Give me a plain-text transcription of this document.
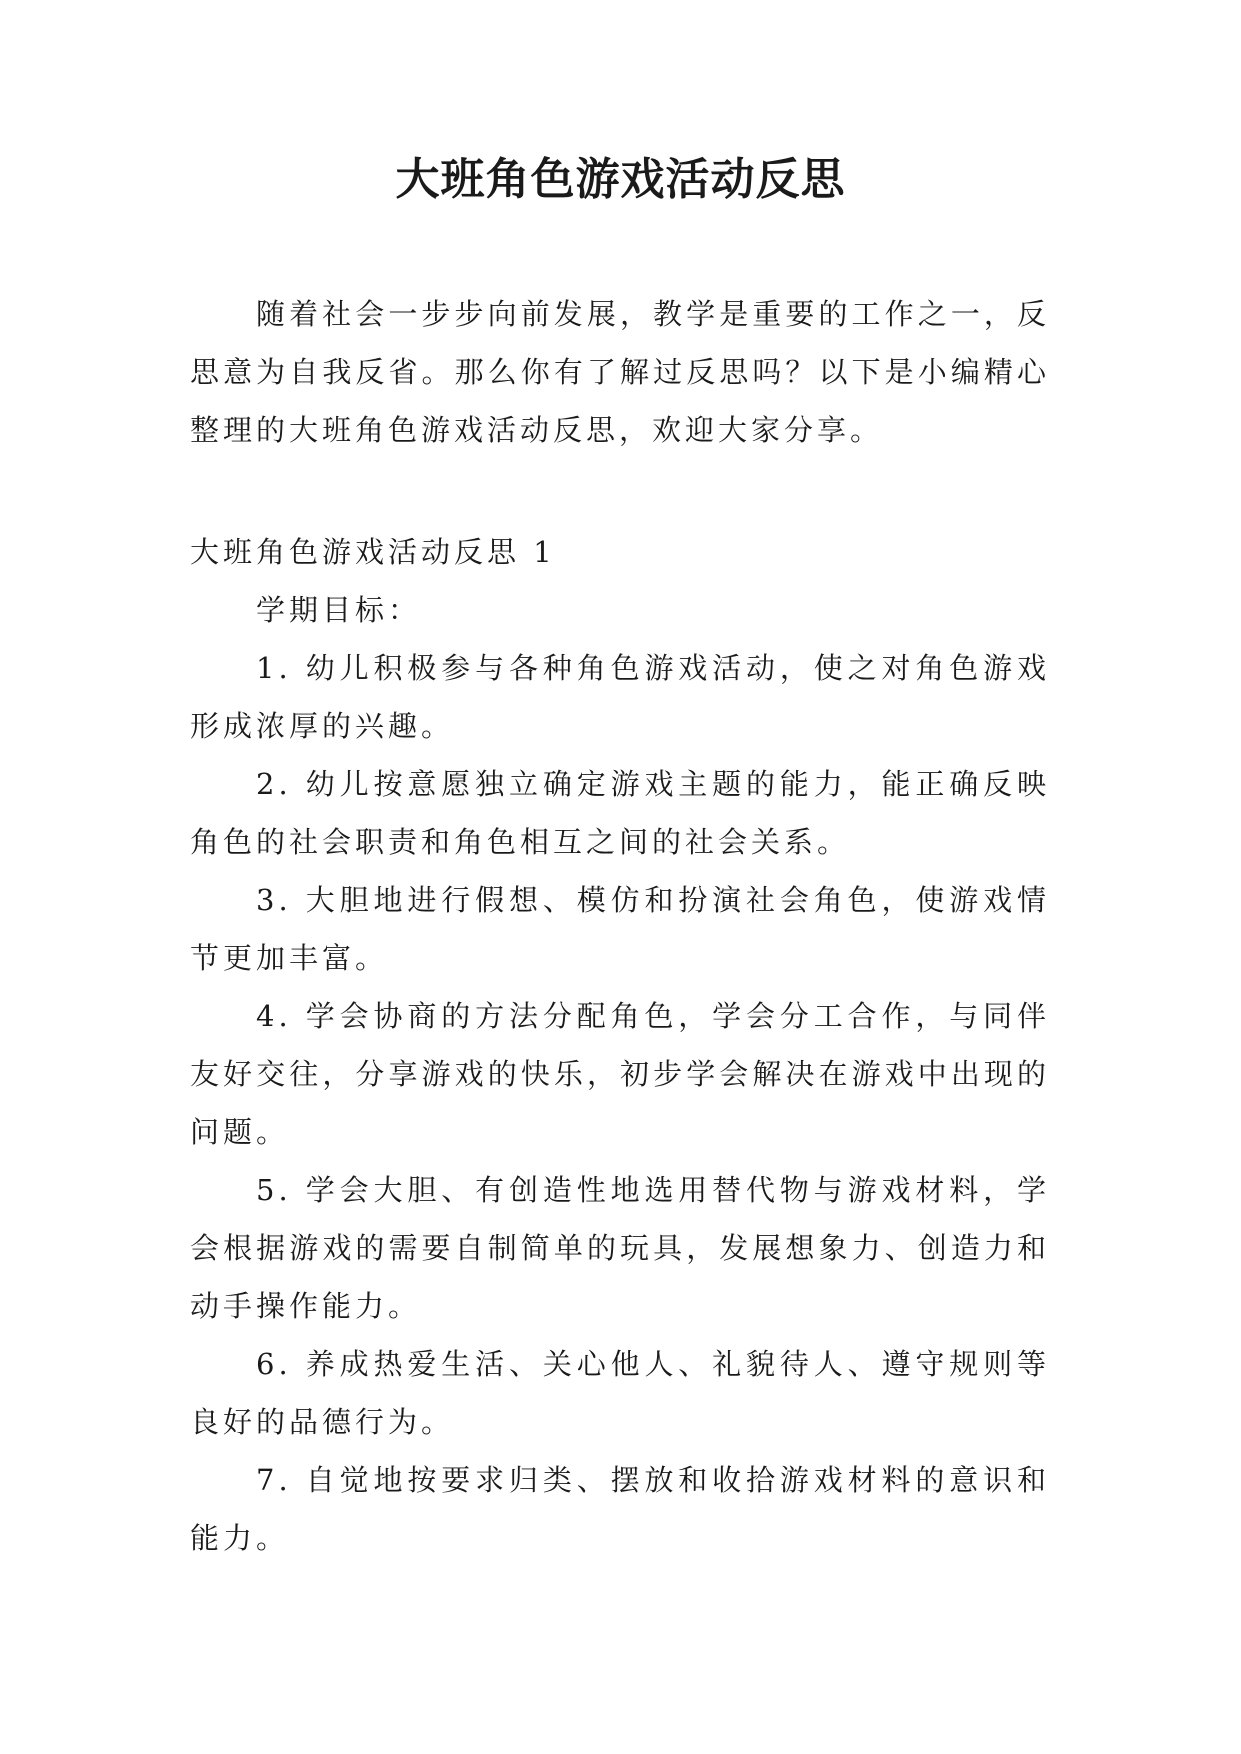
大班角色游戏活动反思

随着社会一步步向前发展，教学是重要的工作之一，反思意为自我反省。那么你有了解过反思吗？以下是小编精心整理的大班角色游戏活动反思，欢迎大家分享。

大班角色游戏活动反思 1

学期目标：

1. 幼儿积极参与各种角色游戏活动，使之对角色游戏形成浓厚的兴趣。

2. 幼儿按意愿独立确定游戏主题的能力，能正确反映角色的社会职责和角色相互之间的社会关系。

3. 大胆地进行假想、模仿和扮演社会角色，使游戏情节更加丰富。

4. 学会协商的方法分配角色，学会分工合作，与同伴友好交往，分享游戏的快乐，初步学会解决在游戏中出现的问题。

5. 学会大胆、有创造性地选用替代物与游戏材料，学会根据游戏的需要自制简单的玩具，发展想象力、创造力和动手操作能力。

6. 养成热爱生活、关心他人、礼貌待人、遵守规则等良好的品德行为。

7. 自觉地按要求归类、摆放和收拾游戏材料的意识和能力。
